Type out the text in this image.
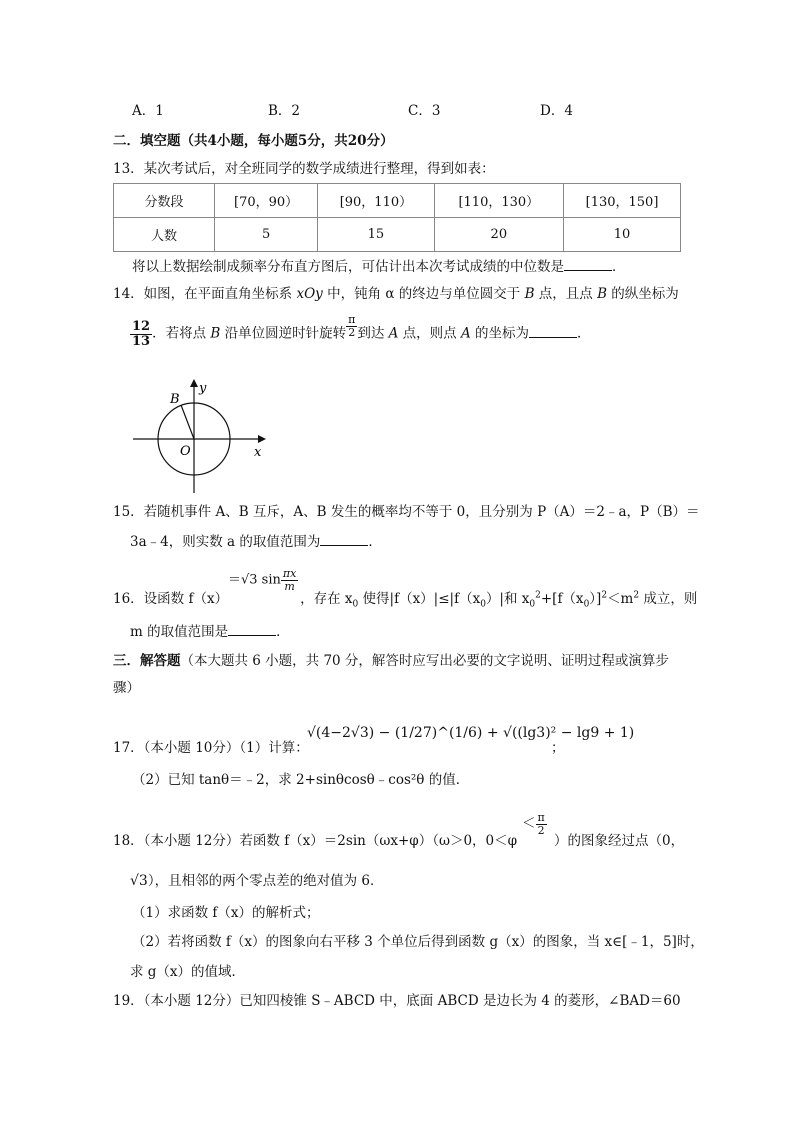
A．1	B．2	C．3	D．4
二．填空题（共4小题，每小题5分，共20分）
13．某次考试后，对全班同学的数学成绩进行整理，得到如表：
分数段	[70，90）	[90，110）	[110，130）	[130，150]
人数	5	15	20	10
将以上数据绘制成频率分布直方图后，可估计出本次考试成绩的中位数是	．
14．如图，在平面直角坐标系 xOy 中，钝角 α 的终边与单位圆交于 B 点，且点 B 的纵坐标为
$\frac{12}{13}$ ．若将点 B 沿单位圆逆时针旋转 $\frac{\pi}{2}$ 到达 A 点，则点 A 的坐标为	．
B
y
O	x
15．若随机事件 A、B 互斥，A、B 发生的概率均不等于 0，且分别为 P（A）＝2﹣a，P（B）＝
3a﹣4，则实数 a 的取值范围为	．
＝√3 $\sin \frac{\pi x}{m}$
16．设函数 f（x）	，存在 $x_0$ 使得$|f(x)|\le|f(x_0)|$和 $x_0^2+[f(x_0)]^2<m^2$ 成立，则
m 的取值范围是	．
三．解答题（本大题共 6 小题，共 70 分，解答时应写出必要的文字说明、证明过程或演算步
骤）
17．（本小题 10分）（1）计算：
√(4−2√3) − (1/27)^(1/6) + √((lg3)² − lg9 + 1)
；
（2）已知 tanθ＝﹣2，求 2+sinθcosθ﹣cos²θ 的值．
18．（本小题 12分）若函数 f（x）＝2sin（ωx+φ）（ω＞0，0＜φ
＜ $\frac{\pi}{2}$
）的图象经过点（0，
√3），且相邻的两个零点差的绝对值为 6．
（1）求函数 f（x）的解析式；
（2）若将函数 f（x）的图象向右平移 3 个单位后得到函数 g（x）的图象，当 x∈[﹣1，5]时，
求 g（x）的值域．
19．（本小题 12分）已知四棱锥 S﹣ABCD 中，底面 ABCD 是边长为 4 的菱形，∠BAD＝60
